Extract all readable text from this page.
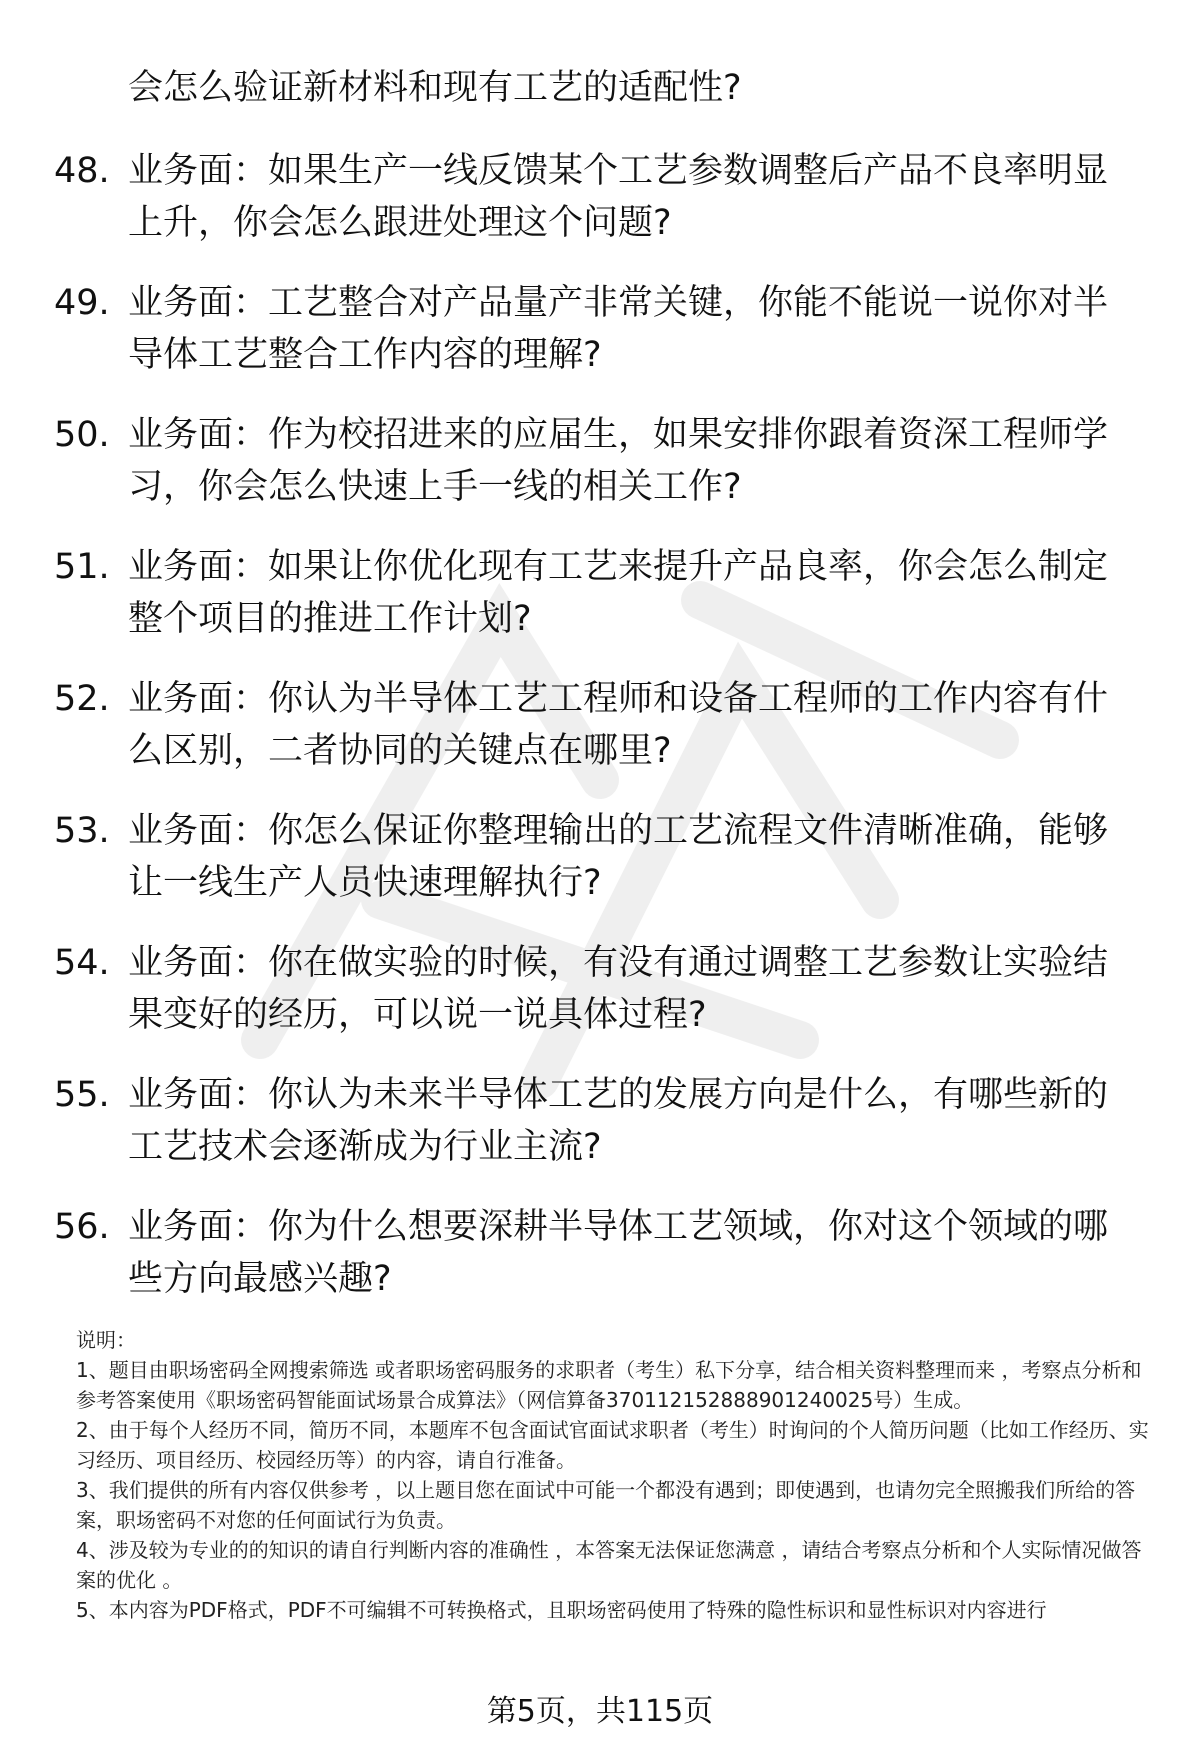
会怎么验证新材料和现有工艺的适配性?
48. 业务面：如果生产一线反馈某个工艺参数调整后产品不良率明显上升，你会怎么跟进处理这个问题?
49. 业务面：工艺整合对产品量产非常关键，你能不能说一说你对半导体工艺整合工作内容的理解?
50. 业务面：作为校招进来的应届生，如果安排你跟着资深工程师学习，你会怎么快速上手一线的相关工作?
51. 业务面：如果让你优化现有工艺来提升产品良率，你会怎么制定整个项目的推进工作计划?
52. 业务面：你认为半导体工艺工程师和设备工程师的工作内容有什么区别，二者协同的关键点在哪里?
53. 业务面：你怎么保证你整理输出的工艺流程文件清晰准确，能够让一线生产人员快速理解执行?
54. 业务面：你在做实验的时候，有没有通过调整工艺参数让实验结果变好的经历，可以说一说具体过程?
55. 业务面：你认为未来半导体工艺的发展方向是什么，有哪些新的工艺技术会逐渐成为行业主流?
56. 业务面：你为什么想要深耕半导体工艺领域，你对这个领域的哪些方向最感兴趣?

说明：

1、题目由职场密码全网搜索筛选 或者职场密码服务的求职者（考生）私下分享，结合相关资料整理而来 ，考察点分析和参考答案使用《职场密码智能面试场景合成算法》（网信算备370112152888901240025号）生成。

2、由于每个人经历不同，简历不同，本题库不包含面试官面试求职者（考生）时询问的个人简历问题（比如工作经历、实习经历、项目经历、校园经历等）的内容，请自行准备。

3、我们提供的所有内容仅供参考 ，以上题目您在面试中可能一个都没有遇到；即使遇到，也请勿完全照搬我们所给的答案，职场密码不对您的任何面试行为负责。

4、涉及较为专业的的知识的请自行判断内容的准确性 ，本答案无法保证您满意 ，请结合考察点分析和个人实际情况做答案的优化 。

5、本内容为PDF格式，PDF不可编辑不可转换格式，且职场密码使用了特殊的隐性标识和显性标识对内容进行

第5页，共115页
